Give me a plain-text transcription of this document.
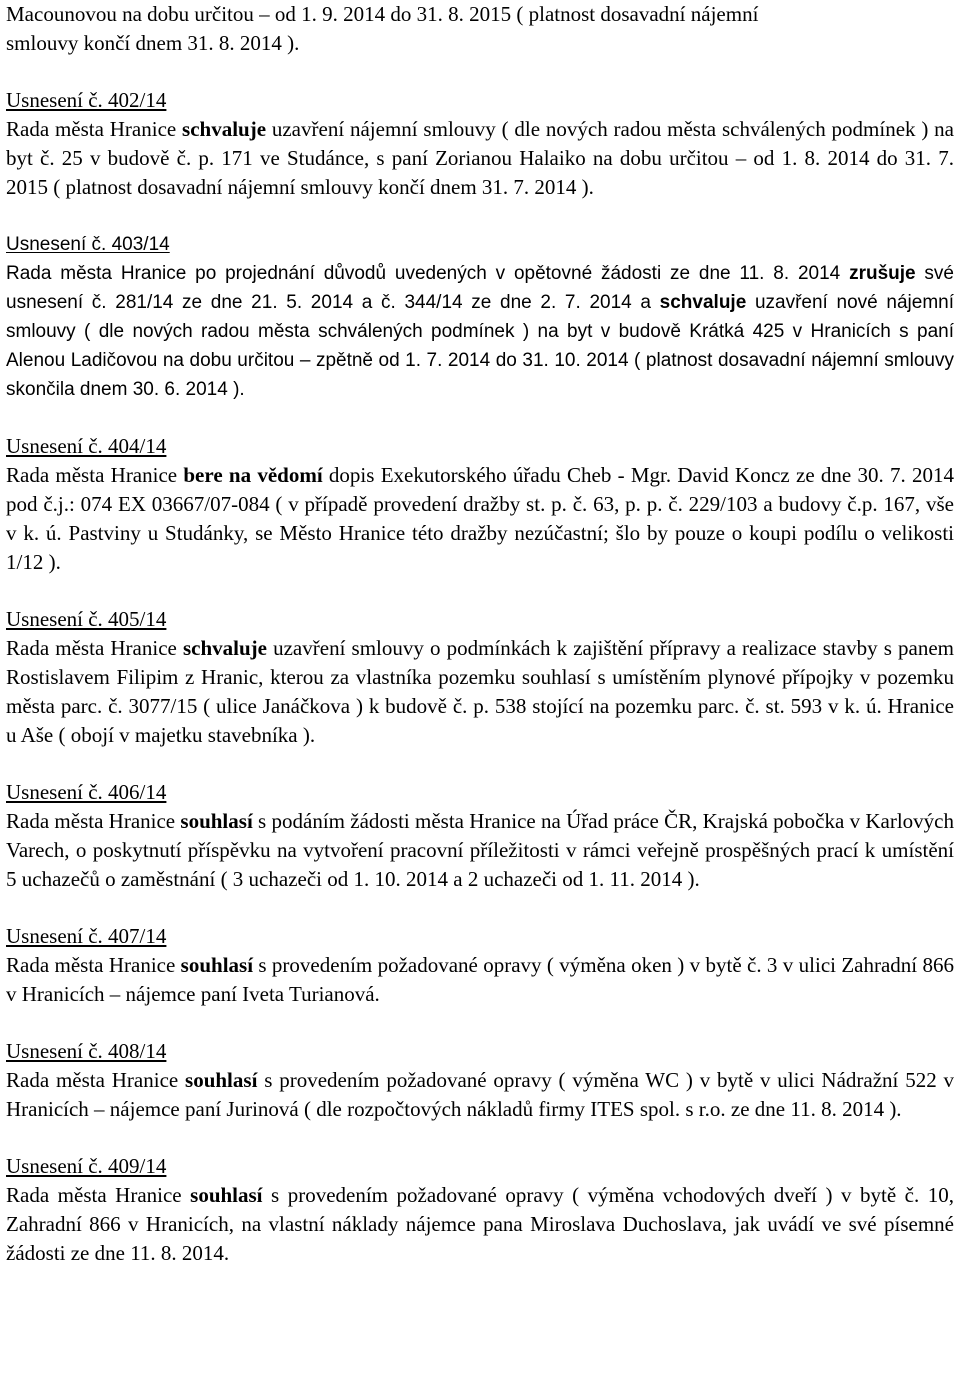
Macounovou na dobu určitou – od 1. 9. 2014 do 31. 8. 2015 ( platnost dosavadní nájemní
smlouvy končí dnem 31. 8. 2014 ).

Usnesení č. 402/14

Rada města Hranice schvaluje uzavření nájemní smlouvy ( dle nových radou města schválených podmínek ) na byt č. 25 v budově č. p. 171 ve Studánce, s paní Zorianou Halaiko na dobu určitou – od 1. 8. 2014 do 31. 7. 2015 ( platnost dosavadní nájemní smlouvy končí dnem 31. 7. 2014 ).

Usnesení č. 403/14

Rada města Hranice po projednání důvodů uvedených v opětovné žádosti ze dne 11. 8. 2014 zrušuje své usnesení č. 281/14 ze dne 21. 5. 2014 a č. 344/14 ze dne 2. 7. 2014 a schvaluje uzavření nové nájemní smlouvy ( dle nových radou města schválených podmínek ) na byt v budově Krátká 425 v Hranicích s paní Alenou Ladičovou na dobu určitou – zpětně od 1. 7. 2014 do 31. 10. 2014 ( platnost dosavadní nájemní smlouvy skončila dnem 30. 6. 2014 ).

Usnesení č. 404/14

Rada města Hranice bere na vědomí dopis Exekutorského úřadu Cheb - Mgr. David Koncz ze dne 30. 7. 2014 pod č.j.: 074 EX 03667/07-084 ( v případě provedení dražby st. p. č. 63, p. p. č. 229/103 a budovy č.p. 167, vše v k. ú. Pastviny u Studánky, se Město Hranice této dražby nezúčastní; šlo by pouze o koupi podílu o velikosti 1/12 ).

Usnesení č. 405/14

Rada města Hranice schvaluje uzavření smlouvy o podmínkách k zajištění přípravy a realizace stavby s panem Rostislavem Filipim z Hranic, kterou za vlastníka pozemku souhlasí s umístěním plynové přípojky v pozemku města parc. č. 3077/15 ( ulice Janáčkova ) k budově č. p. 538 stojící na pozemku parc. č. st. 593 v k. ú. Hranice u Aše ( obojí v majetku stavebníka ).

Usnesení č. 406/14

Rada města Hranice souhlasí s podáním žádosti města Hranice na Úřad práce ČR, Krajská pobočka v Karlových Varech, o poskytnutí příspěvku na vytvoření pracovní příležitosti v rámci veřejně prospěšných prací k umístění 5 uchazečů o zaměstnání ( 3 uchazeči od 1. 10. 2014 a 2 uchazeči od 1. 11. 2014 ).

Usnesení č. 407/14

Rada města Hranice souhlasí s provedením požadované opravy ( výměna oken ) v bytě č. 3 v ulici Zahradní 866 v Hranicích – nájemce paní Iveta Turianová.

Usnesení č. 408/14

Rada města Hranice souhlasí s provedením požadované opravy ( výměna WC ) v bytě v ulici Nádražní 522 v Hranicích – nájemce paní Jurinová ( dle rozpočtových nákladů firmy ITES spol. s r.o. ze dne 11. 8. 2014 ).

Usnesení č. 409/14

Rada města Hranice souhlasí s provedením požadované opravy ( výměna vchodových dveří ) v bytě č. 10, Zahradní 866 v Hranicích, na vlastní náklady nájemce pana Miroslava Duchoslava, jak uvádí ve své písemné žádosti ze dne 11. 8. 2014.
